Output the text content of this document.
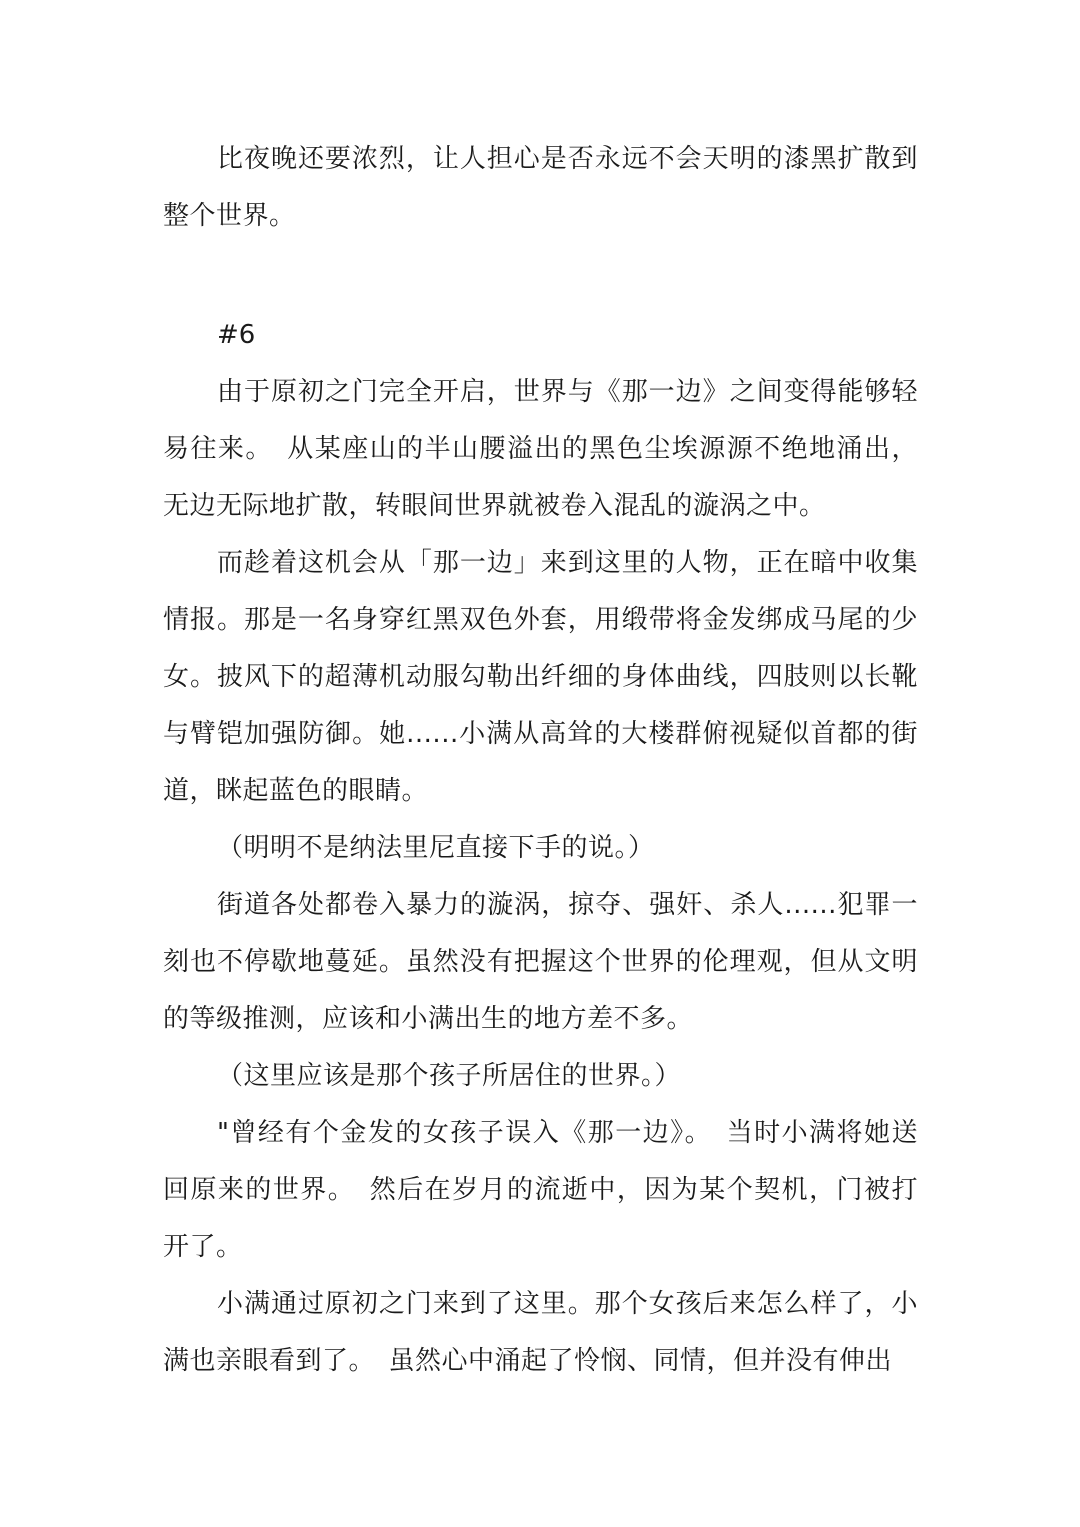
比夜晚还要浓烈，让人担心是否永远不会天明的漆黑扩散到整个世界。

#6

由于原初之门完全开启，世界与《那一边》之间变得能够轻易往来。　从某座山的半山腰溢出的黑色尘埃源源不绝地涌出，无边无际地扩散，转眼间世界就被卷入混乱的漩涡之中。

而趁着这机会从「那一边」来到这里的人物，正在暗中收集情报。那是一名身穿红黑双色外套，用缎带将金发绑成马尾的少女。披风下的超薄机动服勾勒出纤细的身体曲线，四肢则以长靴与臂铠加强防御。她......小满从高耸的大楼群俯视疑似首都的街道，眯起蓝色的眼睛。

（明明不是纳法里尼直接下手的说。）

街道各处都卷入暴力的漩涡，掠夺、强奸、杀人......犯罪一刻也不停歇地蔓延。虽然没有把握这个世界的伦理观，但从文明的等级推测，应该和小满出生的地方差不多。

（这里应该是那个孩子所居住的世界。）

"曾经有个金发的女孩子误入《那一边》。　当时小满将她送回原来的世界。　然后在岁月的流逝中，因为某个契机，门被打开了。

小满通过原初之门来到了这里。那个女孩后来怎么样了，小满也亲眼看到了。　虽然心中涌起了怜悯、同情，但并没有伸出
